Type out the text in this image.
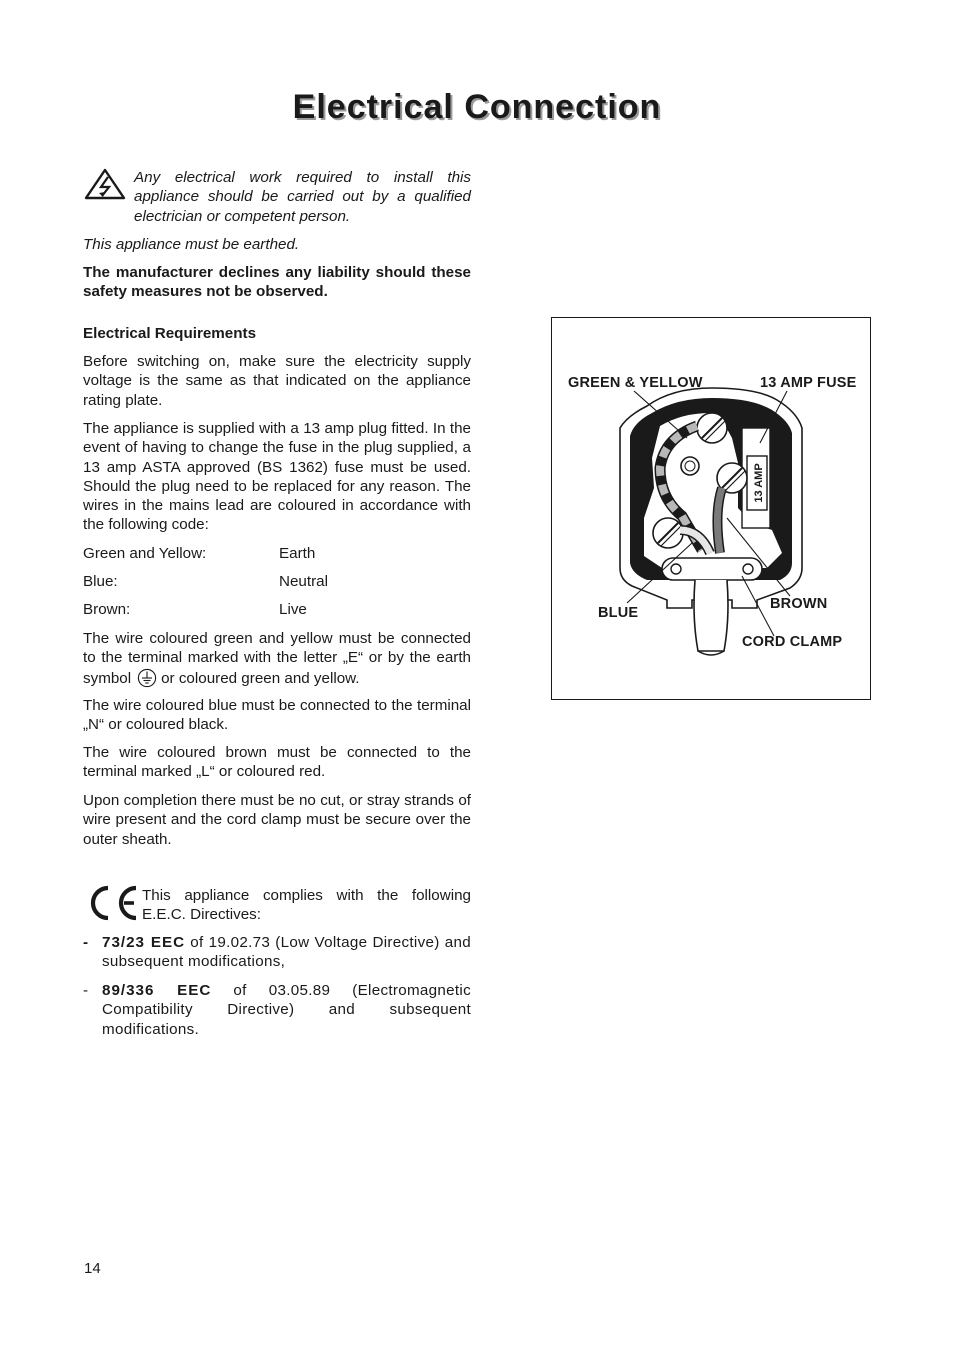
Electrical Connection

Any electrical work required to install this appliance should be carried out by a qualified electrician or competent person.

This appliance must be earthed.

The manufacturer declines any liability should these safety measures not be observed.

Electrical Requirements

Before switching on, make sure the electricity supply voltage is the same as that indicated on the appliance rating plate.

The appliance is supplied with a 13 amp plug fitted. In the event of having to change the fuse in the plug supplied, a 13 amp ASTA approved (BS 1362) fuse must be used. Should the plug need to be replaced for any reason. The wires in the mains lead are coloured in accordance with the following code:

Green and Yellow:	Earth
Blue:	Neutral
Brown:	Live

The wire coloured green and yellow must be connected to the terminal marked with the letter „E“ or by the earth symbol or coloured green and yellow.

The wire coloured blue must be connected to the terminal „N“ or coloured black.

The wire coloured brown must be connected to the terminal marked „L“ or coloured red.

Upon completion there must be no cut, or stray strands of wire present and the cord clamp must be secure over the outer sheath.

This appliance complies with the following E.E.C. Directives:

- 73/23 EEC of 19.02.73 (Low Voltage Directive) and subsequent modifications,
- 89/336 EEC of 03.05.89 (Electromagnetic Compatibility Directive) and subsequent modifications.
13 AMP
GREEN & YELLOW	13 AMP FUSE
BLUE
BROWN
CORD CLAMP
14
